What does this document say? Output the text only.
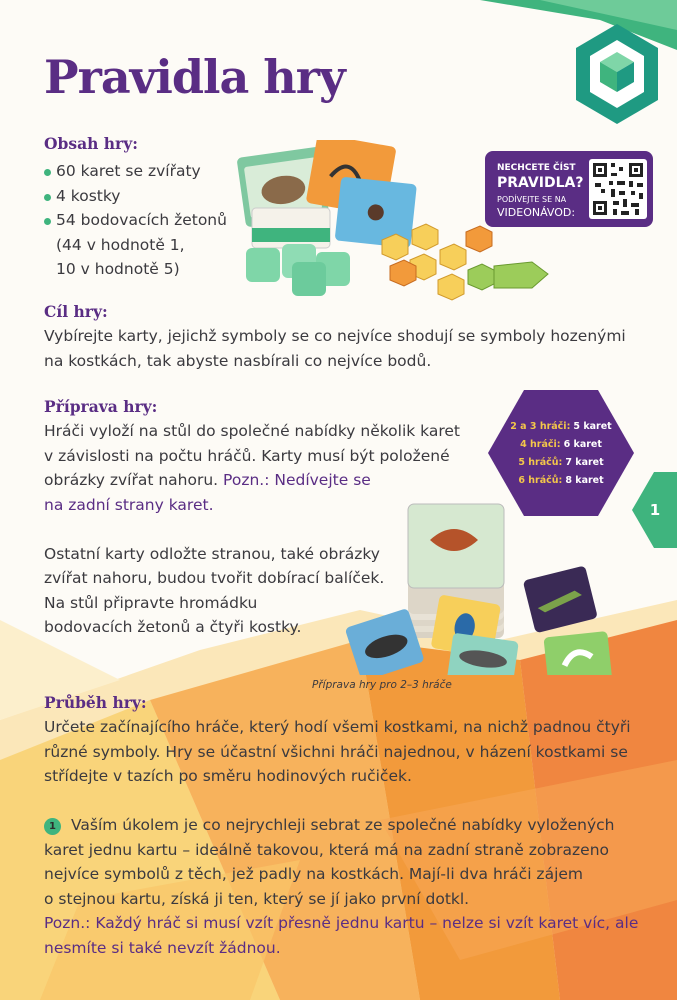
Pravidla hry
Obsah hry:
60 karet se zvířaty
4 kostky
54 bodovacích žetonů
(44 v hodnotě 1,
10 v hodnotě 5)
NECHCETE ČÍST
PRAVIDLA?
PODÍVEJTE SE NA
VIDEONÁVOD:
Cíl hry:
Vybírejte karty, jejichž symboly se co nejvíce shodují se symboly hozenými
na kostkách, tak abyste nasbírali co nejvíce bodů.
Příprava hry:
Hráči vyloží na stůl do společné nabídky několik karet
v závislosti na počtu hráčů. Karty musí být položené
obrázky zvířat nahoru. Pozn.: Nedívejte se
na zadní strany karet.
Ostatní karty odložte stranou, také obrázky
zvířat nahoru, budou tvořit dobírací balíček.
Na stůl připravte hromádku
bodovacích žetonů a čtyři kostky.
2 a 3 hráči: 5 karet
4 hráči: 6 karet
5 hráčů: 7 karet
6 hráčů: 8 karet
1
Příprava hry pro 2–3 hráče
Průběh hry:
Určete začínajícího hráče, který hodí všemi kostkami, na nichž padnou čtyři
různé symboly. Hry se účastní všichni hráči najednou, v házení kostkami se
střídejte v tazích po směru hodinových ručiček.
1 Vaším úkolem je co nejrychleji sebrat ze společné nabídky vyložených
karet jednu kartu – ideálně takovou, která má na zadní straně zobrazeno
nejvíce symbolů z těch, jež padly na kostkách. Mají-li dva hráči zájem
o stejnou kartu, získá ji ten, který se jí jako první dotkl.
Pozn.: Každý hráč si musí vzít přesně jednu kartu – nelze si vzít karet víc, ale
nesmíte si také nevzít žádnou.
